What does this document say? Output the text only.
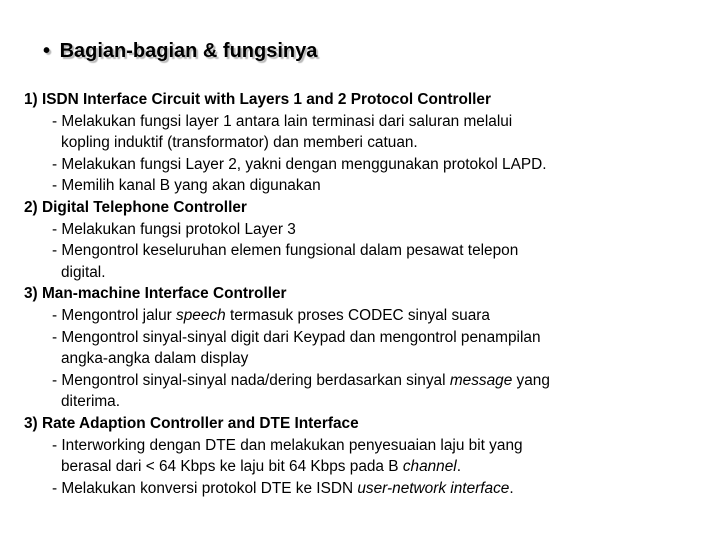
• Bagian-bagian & fungsinya
1) ISDN Interface Circuit with Layers 1 and 2 Protocol Controller
- Melakukan fungsi layer 1 antara lain terminasi dari saluran melalui
kopling induktif (transformator) dan memberi catuan.
- Melakukan fungsi Layer 2, yakni dengan menggunakan protokol LAPD.
- Memilih kanal B yang akan digunakan
2) Digital Telephone Controller
- Melakukan fungsi protokol Layer 3
- Mengontrol keseluruhan elemen fungsional dalam pesawat telepon
digital.
3) Man-machine Interface Controller
- Mengontrol jalur speech termasuk proses CODEC sinyal suara
- Mengontrol sinyal-sinyal digit dari Keypad dan mengontrol penampilan
angka-angka dalam display
- Mengontrol sinyal-sinyal nada/dering berdasarkan sinyal message yang
diterima.
3) Rate Adaption Controller and DTE Interface
- Interworking dengan DTE dan melakukan penyesuaian laju bit yang
berasal dari < 64 Kbps ke laju bit 64 Kbps pada B channel.
- Melakukan konversi protokol DTE ke ISDN user-network interface.
